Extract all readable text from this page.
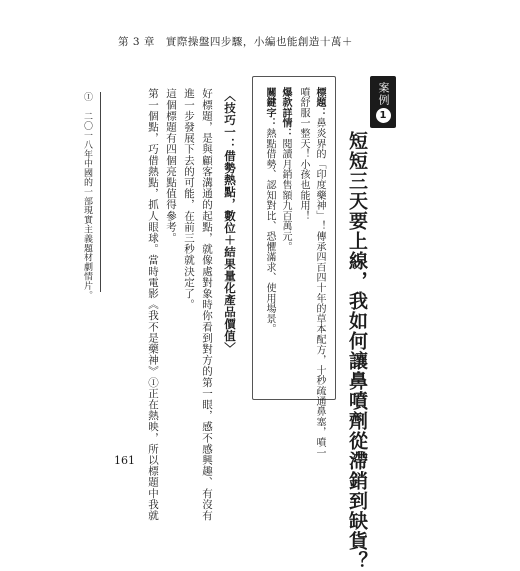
第 3 章　實際操盤四步驟，小編也能創造十萬＋
案例
1
短短三天要上線，我如何讓鼻噴劑從滯銷到缺貨？
標題：鼻炎界的「印度藥神」！傳承四百四十年的草本配方，十秒疏通鼻塞，噴一
噴舒服一整天！小孩也能用！
爆款詳情：閱讀月銷售額九百萬元。
關鍵字：熱點借勢、認知對比、恐懼滿求、使用場景。
〈技巧一：借勢熱點，數位＋結果量化產品價值〉
好標題，是與顧客溝通的起點，就像處對象時你看到對方的第一眼，感不感興趣、有沒有
進一步發展下去的可能，在前三秒就決定了。
這個標題有四個亮點值得參考。
第一個點，巧借熱點，抓人眼球。當時電影《我不是藥神》Ⓘ正在熱映，所以標題中我就
Ⓘ 二〇一八年中國的一部現實主義題材劇情片。
161
